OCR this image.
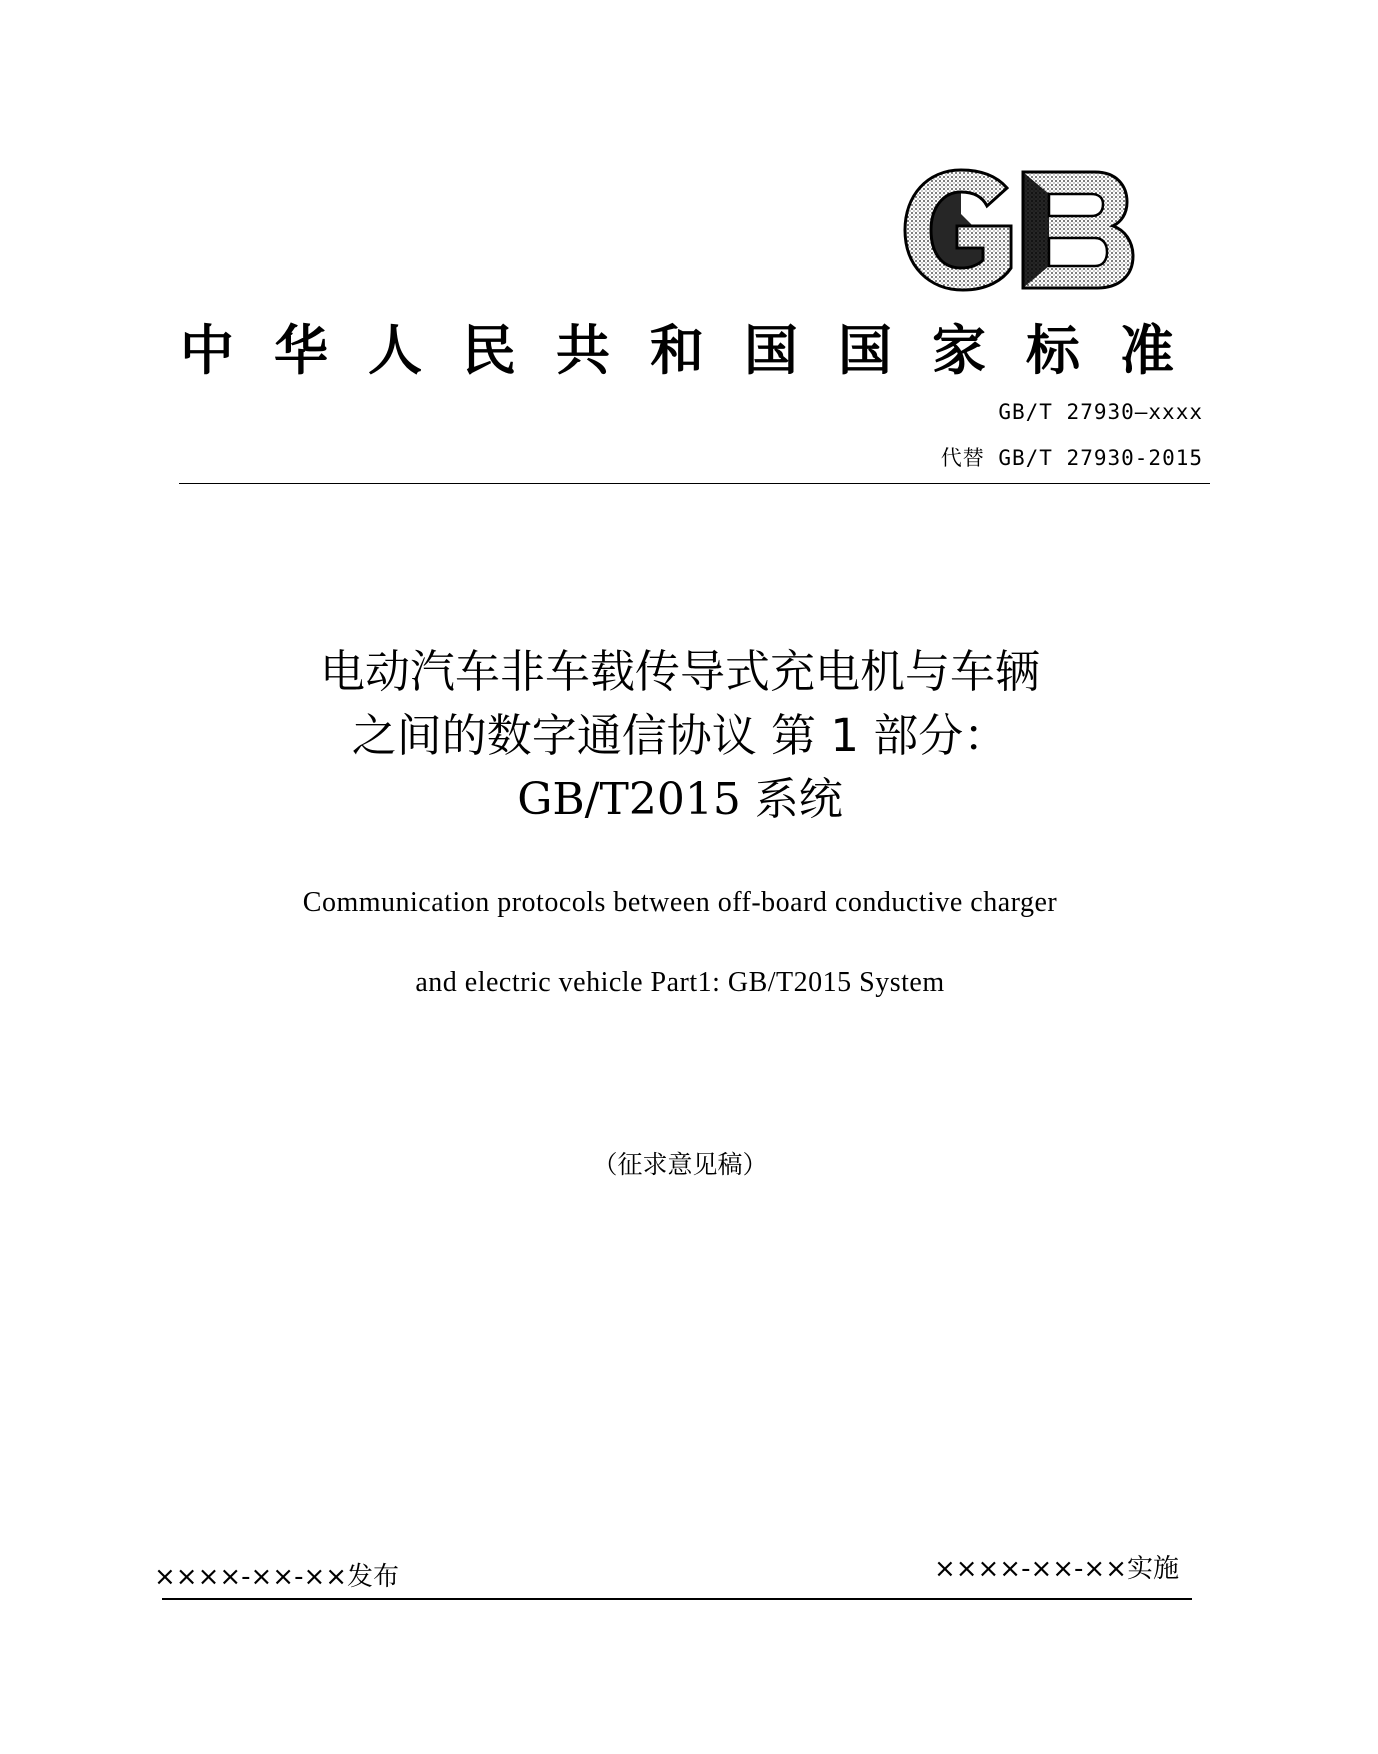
中华人民共和国国家标准
GB/T 27930—xxxx
代替 GB/T 27930-2015
电动汽车非车载传导式充电机与车辆
之间的数字通信协议 第 1 部分：
GB/T2015 系统
Communication protocols between off-board conductive charger
and electric vehicle Part1: GB/T2015 System
（征求意见稿）
××××-××-××发布	××××-××-××实施
